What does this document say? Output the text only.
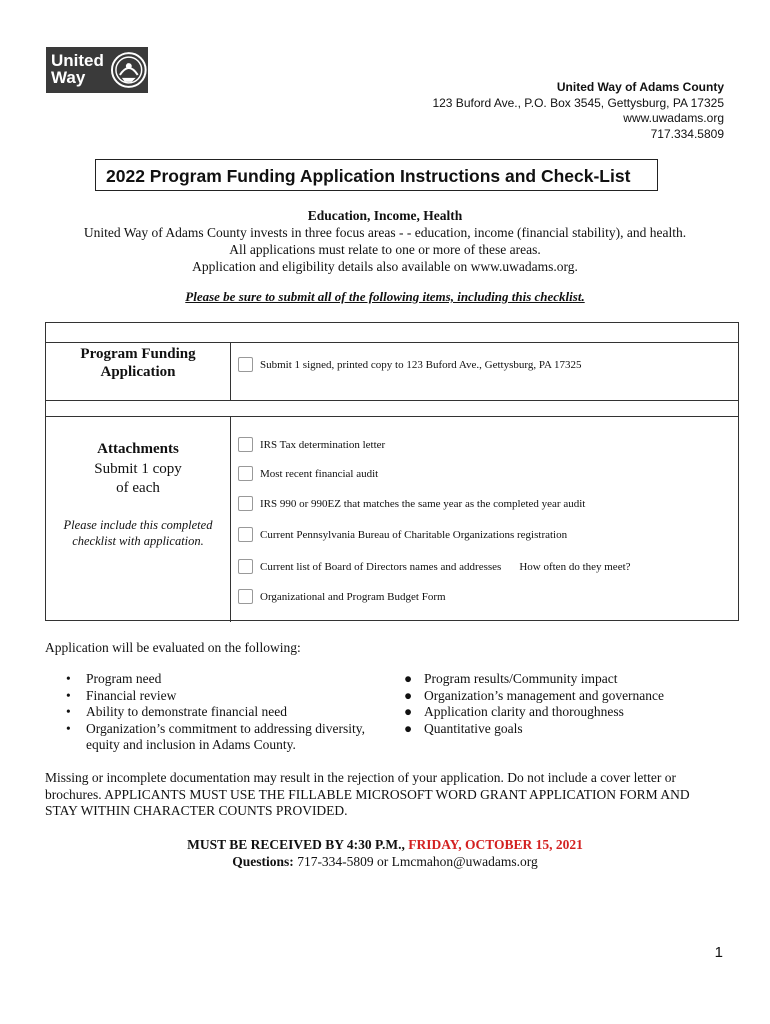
United
Way	United Way of Adams County
123 Buford Ave., P.O. Box 3545, Gettysburg, PA 17325
www.uwadams.org
717.334.5809
2022 Program Funding Application Instructions and Check-List
Education, Income, Health
United Way of Adams County invests in three focus areas - - education, income (financial stability), and health.
All applications must relate to one or more of these areas.
Application and eligibility details also available on www.uwadams.org.
Please be sure to submit all of the following items, including this checklist.
Program Funding Application	Submit 1 signed, printed copy to 123 Buford Ave., Gettysburg, PA 17325
Attachments
Submit 1 copy
of each
Please include this completed checklist with application.
IRS Tax determination letter
Most recent financial audit
IRS 990 or 990EZ that matches the same year as the completed year audit
Current Pennsylvania Bureau of Charitable Organizations registration
Current list of Board of Directors names and addresses How often do they meet?
Organizational and Program Budget Form
Application will be evaluated on the following:
• Program need
• Financial review
• Ability to demonstrate financial need
• Organization’s commitment to addressing diversity, equity and inclusion in Adams County.
● Program results/Community impact
● Organization’s management and governance
● Application clarity and thoroughness
● Quantitative goals
Missing or incomplete documentation may result in the rejection of your application. Do not include a cover letter or brochures. APPLICANTS MUST USE THE FILLABLE MICROSOFT WORD GRANT APPLICATION FORM AND STAY WITHIN CHARACTER COUNTS PROVIDED.
MUST BE RECEIVED BY 4:30 P.M., FRIDAY, OCTOBER 15, 2021
Questions: 717-334-5809 or Lmcmahon@uwadams.org
1
